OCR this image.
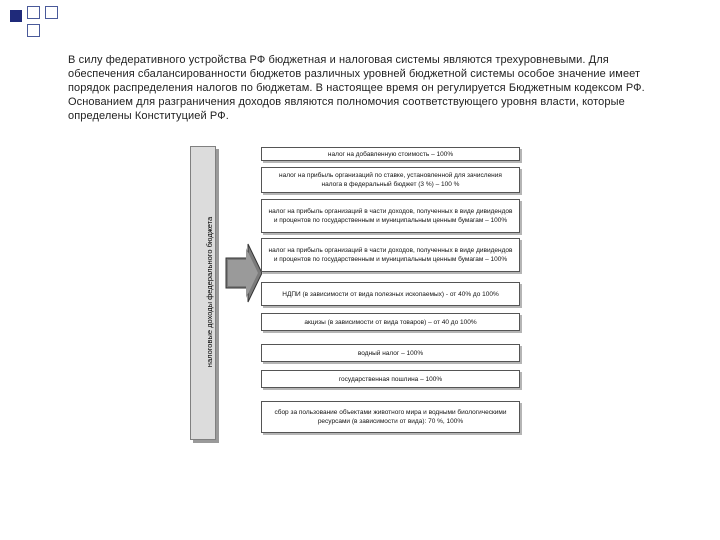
В силу федеративного устройства РФ бюджетная и налоговая системы являются трехуровневыми. Для обеспечения сбалансированности бюджетов различных уровней бюджетной системы особое значение имеет порядок распределения налогов по бюджетам. В настоящее время он регулируется Бюджетным кодексом РФ. Основанием для разграничения доходов являются полномочия соответствующего уровня власти, которые определены Конституцией РФ.
налоговые доходы федерального бюджета
налог на добавленную стоимость – 100%
налог на прибыль организаций по ставке, установленной для зачисления налога в федеральный бюджет (3 %) – 100 %
налог на прибыль организаций в части доходов, полученных в виде дивидендов и процентов по государственным и муниципальным ценным бумагам – 100%
налог на прибыль организаций в части доходов, полученных в виде дивидендов и процентов по государственным и муниципальным ценным бумагам – 100%
НДПИ (в зависимости от вида полезных ископаемых) - от 40% до 100%
акцизы (в зависимости от вида товаров) – от 40 до 100%
водный налог – 100%
государственная пошлина – 100%
сбор за пользование объектами животного мира и водными биологическими ресурсами (в зависимости от вида): 70 %, 100%
